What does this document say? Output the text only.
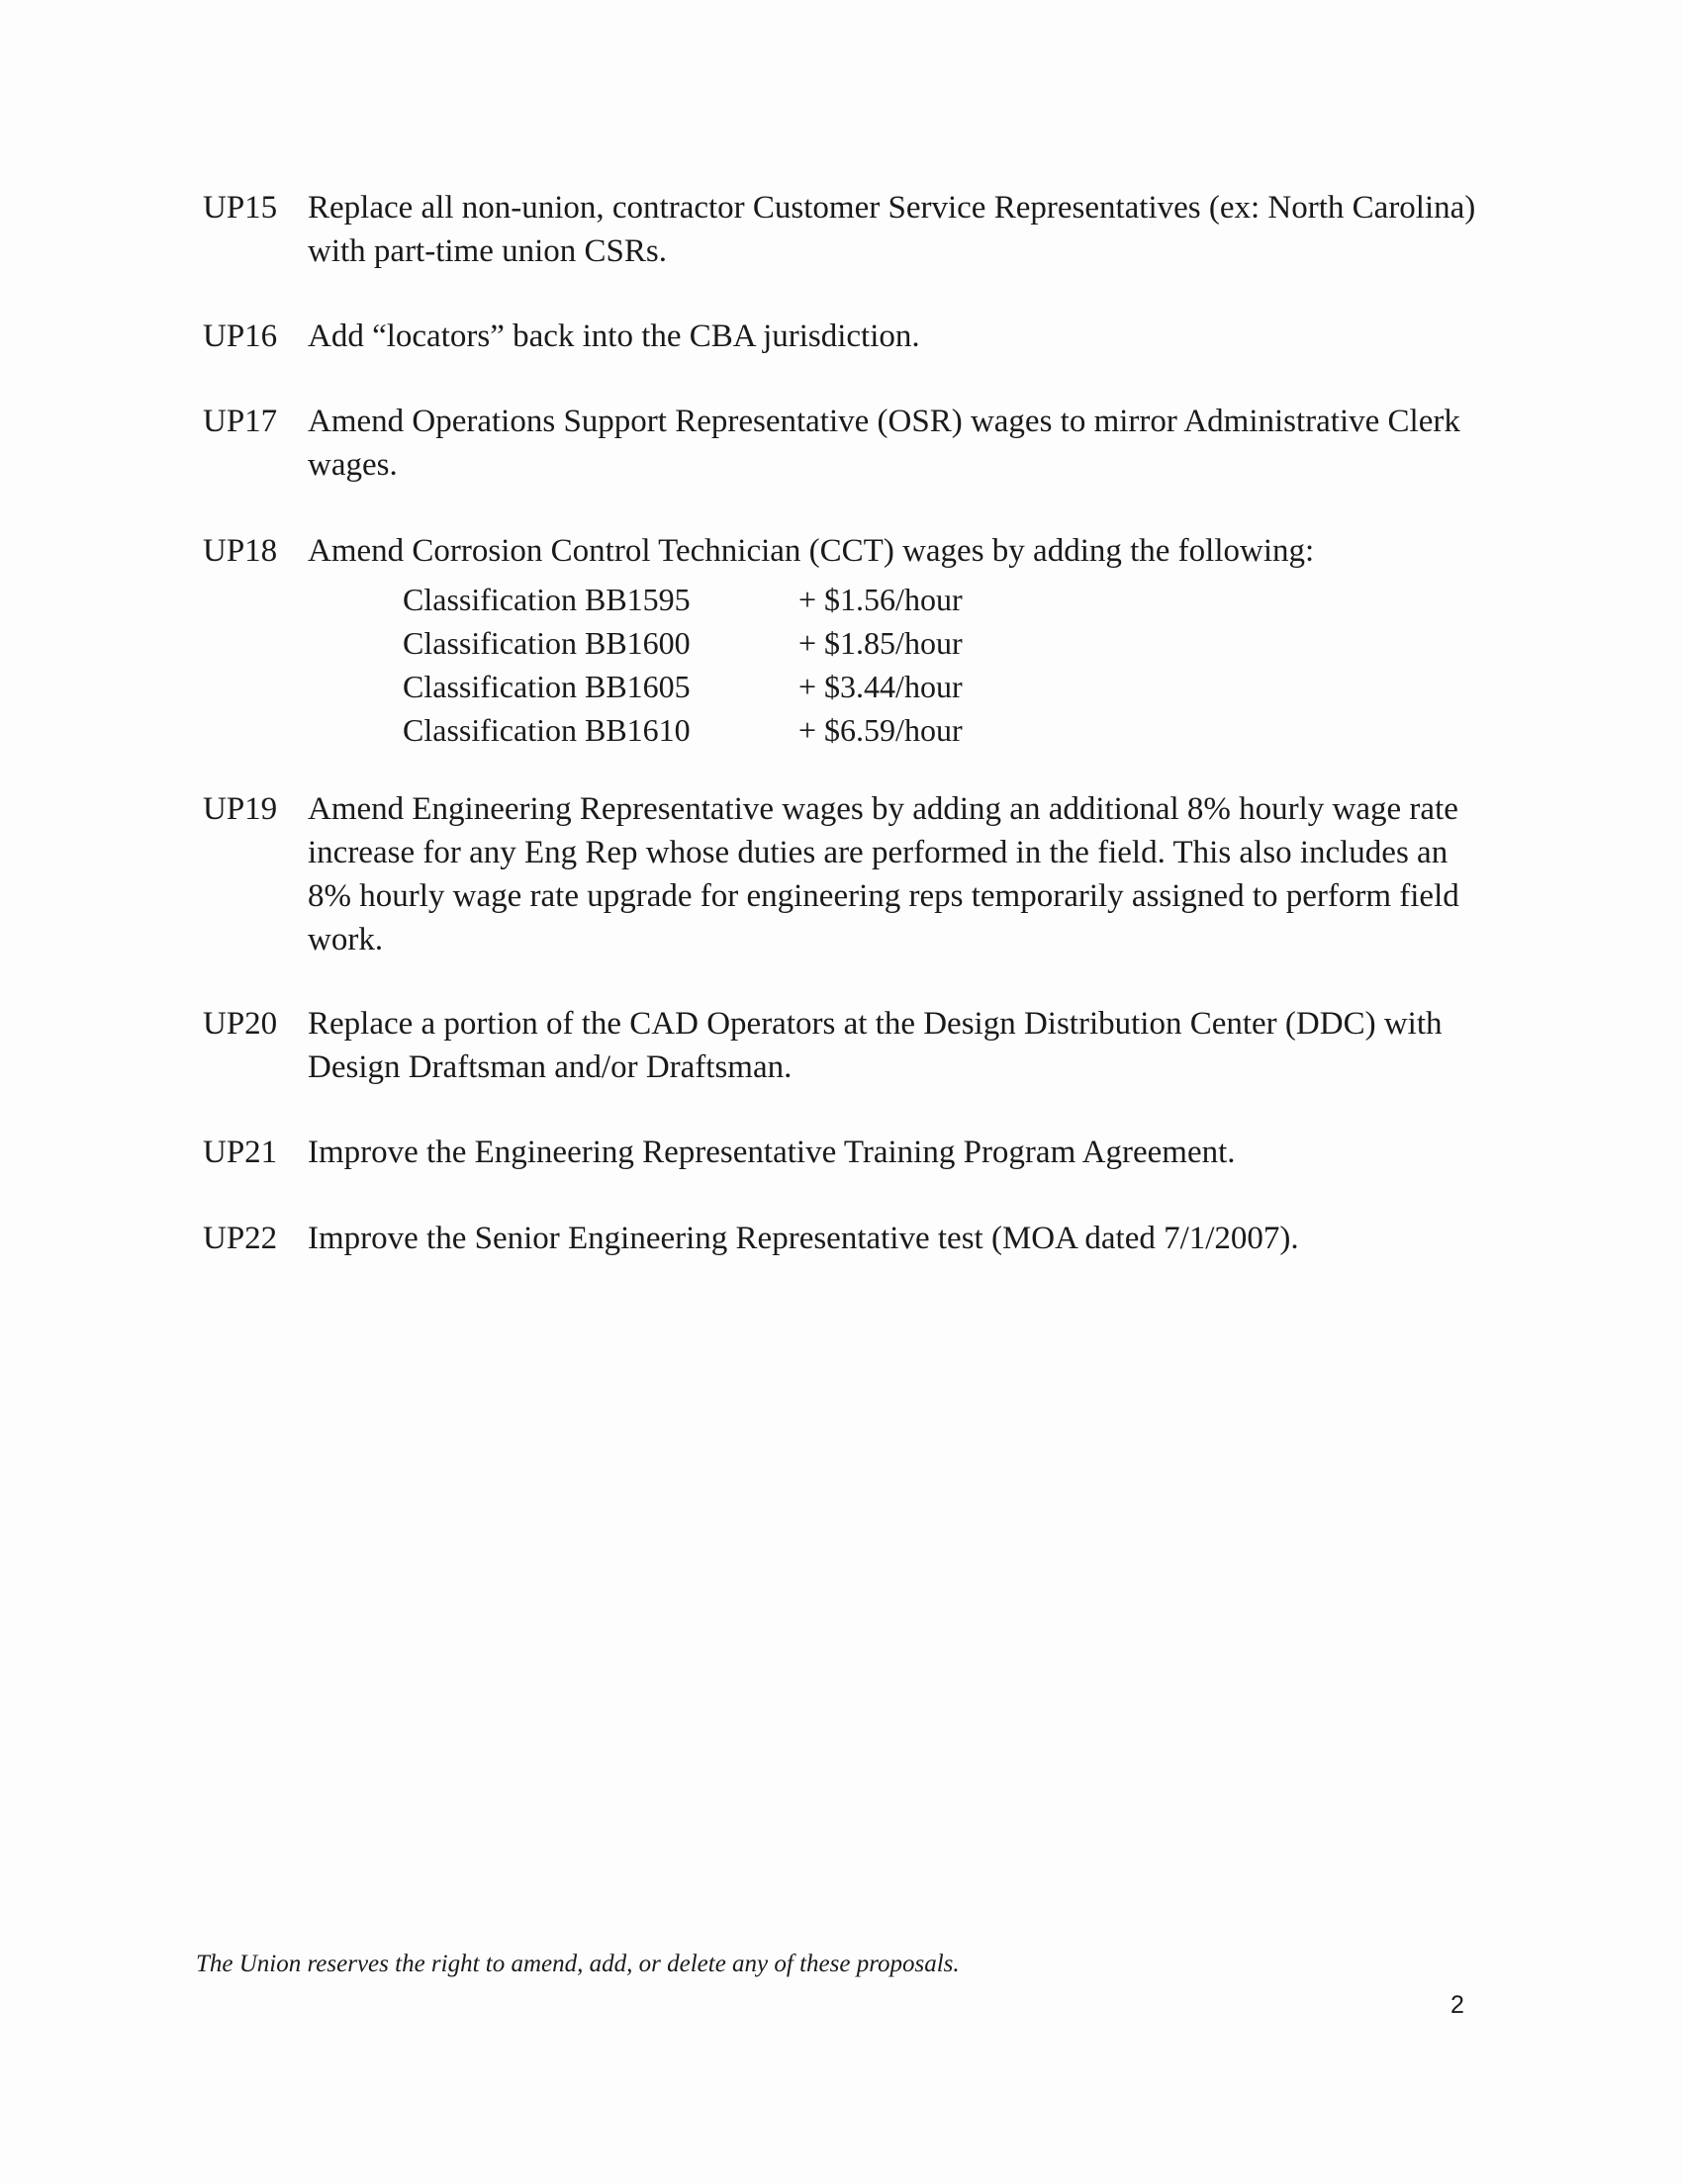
UP15 Replace all non-union, contractor Customer Service Representatives (ex: North Carolina) with part-time union CSRs.
UP16 Add “locators” back into the CBA jurisdiction.
UP17 Amend Operations Support Representative (OSR) wages to mirror Administrative Clerk wages.
UP18 Amend Corrosion Control Technician (CCT) wages by adding the following:
Classification BB1595	+ $1.56/hour
Classification BB1600	+ $1.85/hour
Classification BB1605	+ $3.44/hour
Classification BB1610	+ $6.59/hour
UP19 Amend Engineering Representative wages by adding an additional 8% hourly wage rate increase for any Eng Rep whose duties are performed in the field. This also includes an 8% hourly wage rate upgrade for engineering reps temporarily assigned to perform field work.
UP20 Replace a portion of the CAD Operators at the Design Distribution Center (DDC) with Design Draftsman and/or Draftsman.
UP21 Improve the Engineering Representative Training Program Agreement.
UP22 Improve the Senior Engineering Representative test (MOA dated 7/1/2007).
The Union reserves the right to amend, add, or delete any of these proposals.
2
